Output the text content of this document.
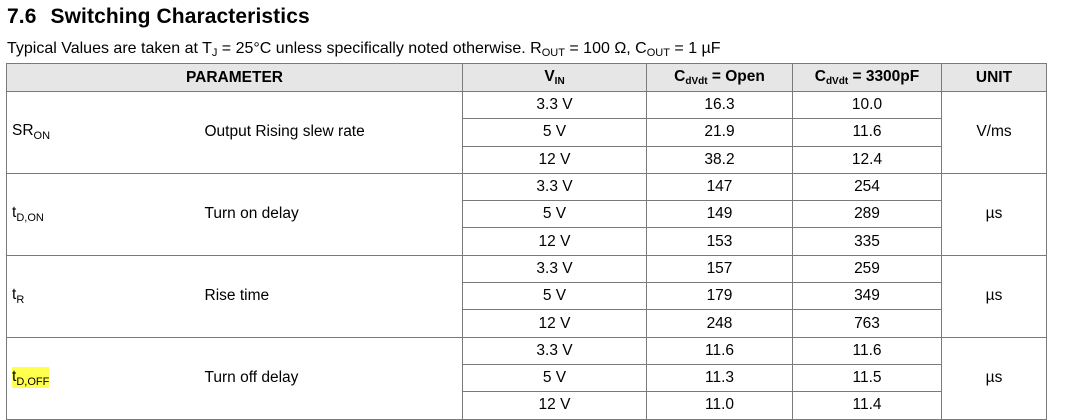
7.6 Switching Characteristics
Typical Values are taken at $T_J = 25^\circ C$ unless specifically noted otherwise. $R_{OUT} = 100$ Ω, $C_{OUT} = 1$ µF
PARAMETER		$V_{IN}$	$C_{dVdt}$ = Open	$C_{dVdt} = 3300pF$	UNIT
$SR_{ON}$	Output Rising slew rate	3.3 V	16.3	10.0	V/ms
		5 V	21.9	11.6	
		12 V	38.2	12.4	
$t_{D,ON}$	Turn on delay	3.3 V	147	254	µs
		5 V	149	289	
		12 V	153	335	
$t_R$	Rise time	3.3 V	157	259	µs
		5 V	179	349	
		12 V	248	763	
$t_{D,OFF}$	Turn off delay	3.3 V	11.6	11.6	µs
		5 V	11.3	11.5	
		12 V	11.0	11.4	
